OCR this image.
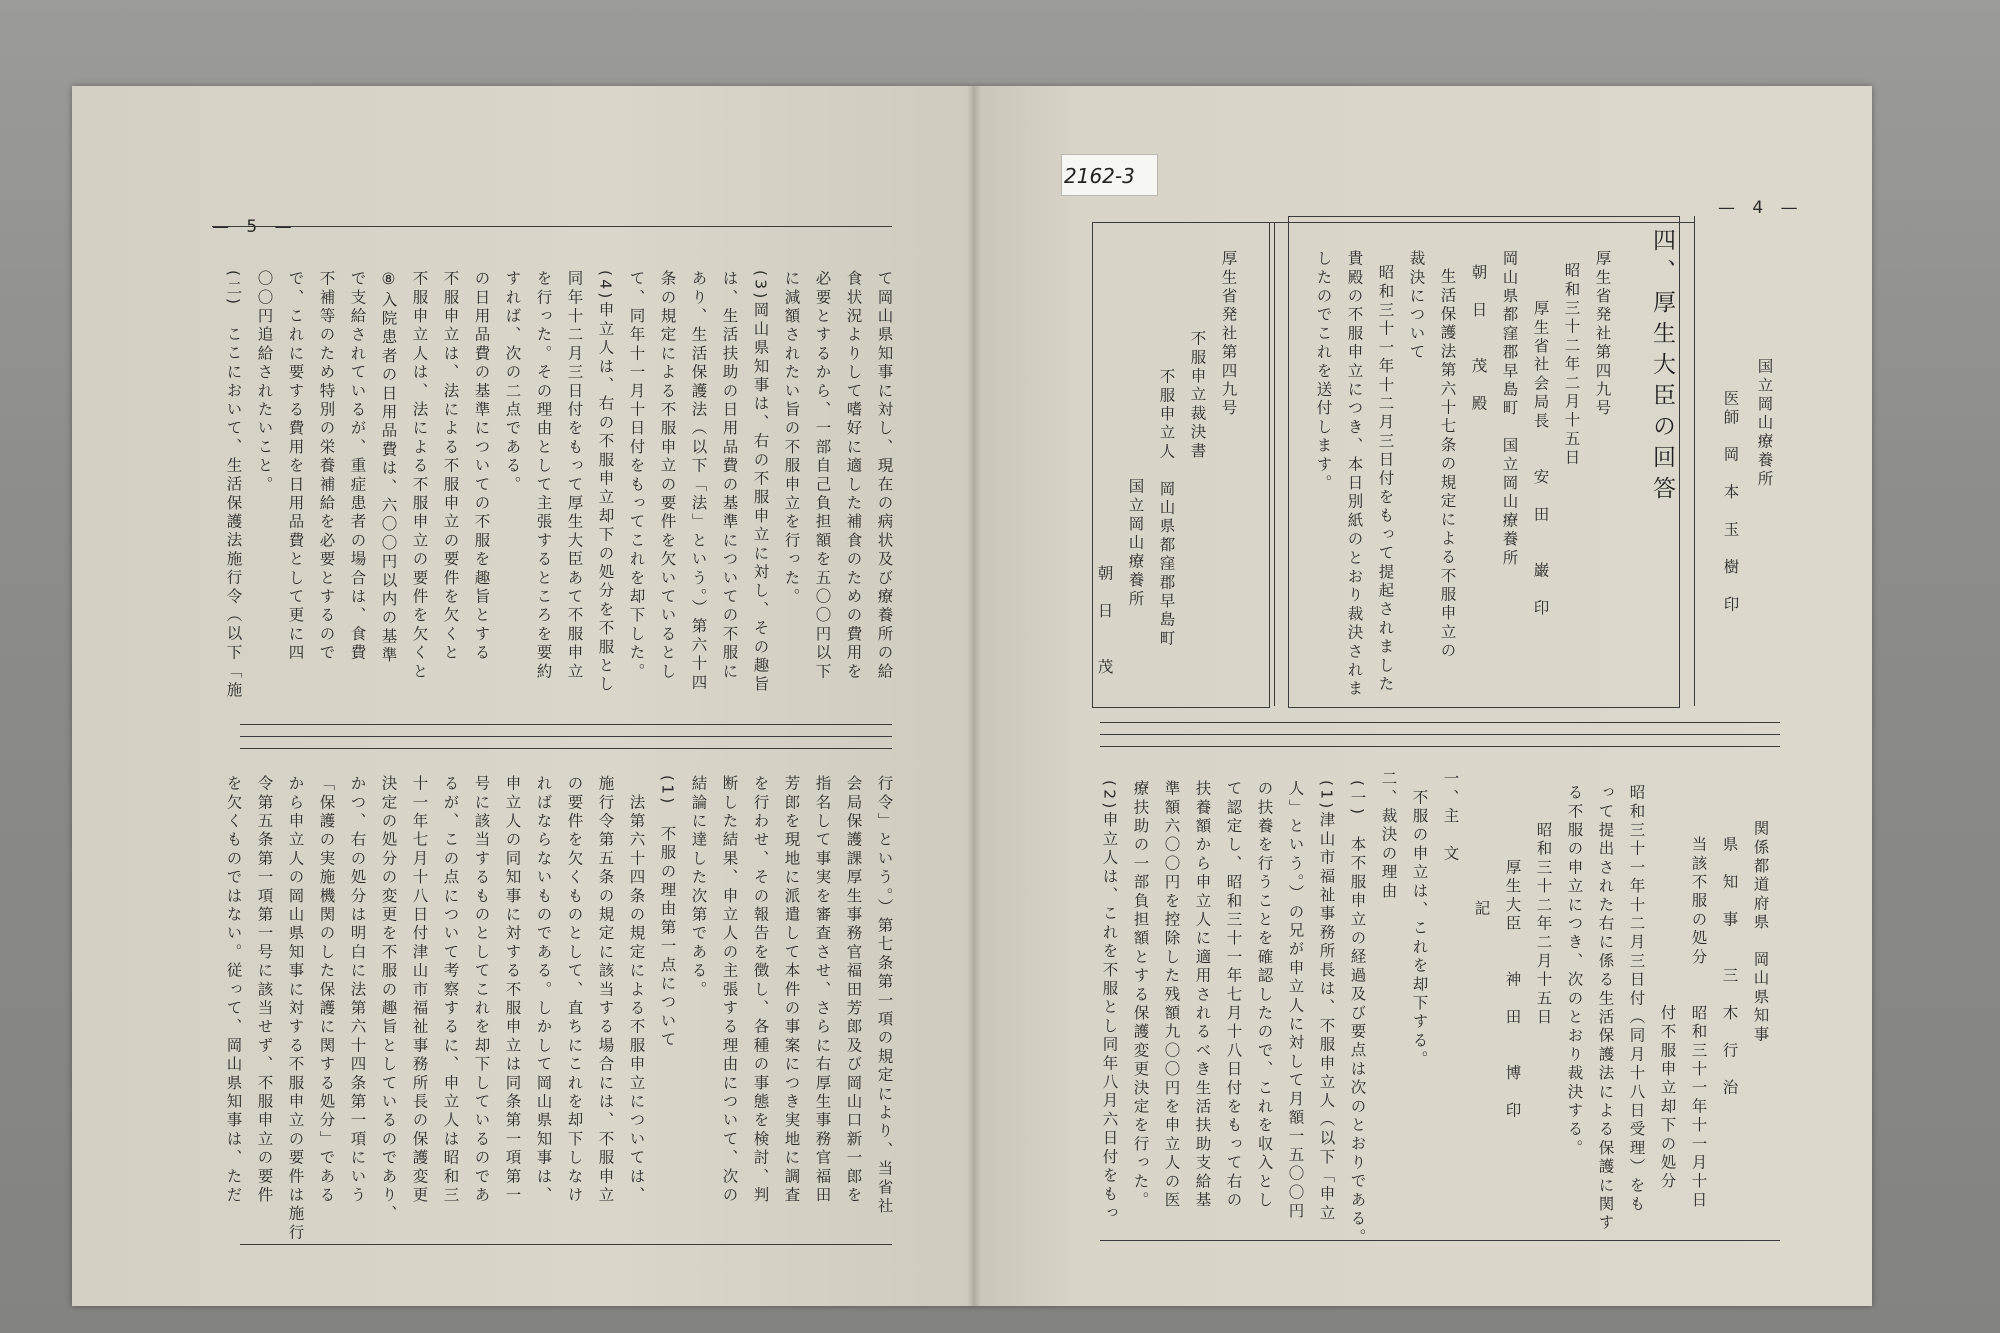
— 5 —
て岡山県知事に対し、現在の病状及び療養所の給
食状況よりして嗜好に適した補食のための費用を
必要とするから、一部自己負担額を五〇〇円以下
に減額されたい旨の不服申立を行った。
(3)岡山県知事は、右の不服申立に対し、その趣旨
は、生活扶助の日用品費の基準についての不服に
あり、生活保護法（以下「法」という。）第六十四
条の規定による不服申立の要件を欠いているとし
て、同年十一月十日付をもってこれを却下した。
(4)申立人は、右の不服申立却下の処分を不服とし
同年十二月三日付をもって厚生大臣あて不服申立
を行った。その理由として主張するところを要約
すれば、次の二点である。
の日用品費の基準についての不服を趣旨とする
不服申立は、法による不服申立の要件を欠くと
不服申立人は、法による不服申立の要件を欠くと
⑧入院患者の日用品費は、六〇〇円以内の基準
で支給されているが、重症患者の場合は、食費
不補等のため特別の栄養補給を必要とするので
で、これに要する費用を日用品費として更に四
〇〇円追給されたいこと。
(二)　ここにおいて、生活保護法施行令（以下「施
行令」という。）第七条第一項の規定により、当省社
会局保護課厚生事務官福田芳郎及び岡山口新一郎を
指名して事実を審査させ、さらに右厚生事務官福田
芳郎を現地に派遣して本件の事案につき実地に調査
を行わせ、その報告を徴し、各種の事態を検討、判
断した結果、申立人の主張する理由について、次の
結論に達した次第である。
(1)　不服の理由第一点について
　法第六十四条の規定による不服申立については、
施行令第五条の規定に該当する場合には、不服申立
の要件を欠くものとして、直ちにこれを却下しなけ
ればならないものである。しかして岡山県知事は、
申立人の同知事に対する不服申立は同条第一項第一
号に該当するものとしてこれを却下しているのであ
るが、この点について考察するに、申立人は昭和三
十一年七月十八日付津山市福祉事務所長の保護変更
決定の処分の変更を不服の趣旨としているのであり、
かつ、右の処分は明白に法第六十四条第一項にいう
「保護の実施機関のした保護に関する処分」である
から申立人の岡山県知事に対する不服申立の要件は施行
令第五条第一項第一号に該当せず、不服申立の要件
を欠くものではない。従って、岡山県知事は、ただ
2162-3
— 4 —
四、厚生大臣の回答	国立岡山療養所
医師　岡　本　玉　樹　印
厚生省発社第四九号
昭和三十二年二月十五日
厚生省社会局長　　安　田　　巌　印
岡山県都窪郡早島町　国立岡山療養所
朝　日　　茂　殿
生活保護法第六十七条の規定による不服申立の
裁決について
昭和三十一年十二月三日付をもって提起されました
貴殿の不服申立につき、本日別紙のとおり裁決されま
したのでこれを送付します。
厚生省発社第四九号
不服申立裁決書
不服申立人　岡山県都窪郡早島町
国立岡山療養所
朝　日　　茂
関係都道府県　岡山県知事
県　知　事　　三　木　行　治
当該不服の処分　　昭和三十一年十一月十日
　　　　　　　　　付不服申立却下の処分
昭和三十一年十二月三日付（同月十八日受理）をも
って提出された右に係る生活保護法による保護に関す
る不服の申立につき、次のとおり裁決する。
　　昭和三十二年二月十五日
　　　　厚生大臣　　神　田　　博　印
記
一、主　文
　不服の申立は、これを却下する。
二、裁決の理由
(一)　本不服申立の経過及び要点は次のとおりである。
(1)津山市福祉事務所長は、不服申立人（以下「申立
人」という。）の兄が申立人に対して月額一五〇〇円
の扶養を行うことを確認したので、これを収入とし
て認定し、昭和三十一年七月十八日付をもって右の
扶養額から申立人に適用されるべき生活扶助支給基
準額六〇〇円を控除した残額九〇〇円を申立人の医
療扶助の一部負担額とする保護変更決定を行った。
(2)申立人は、これを不服とし同年八月六日付をもっ
